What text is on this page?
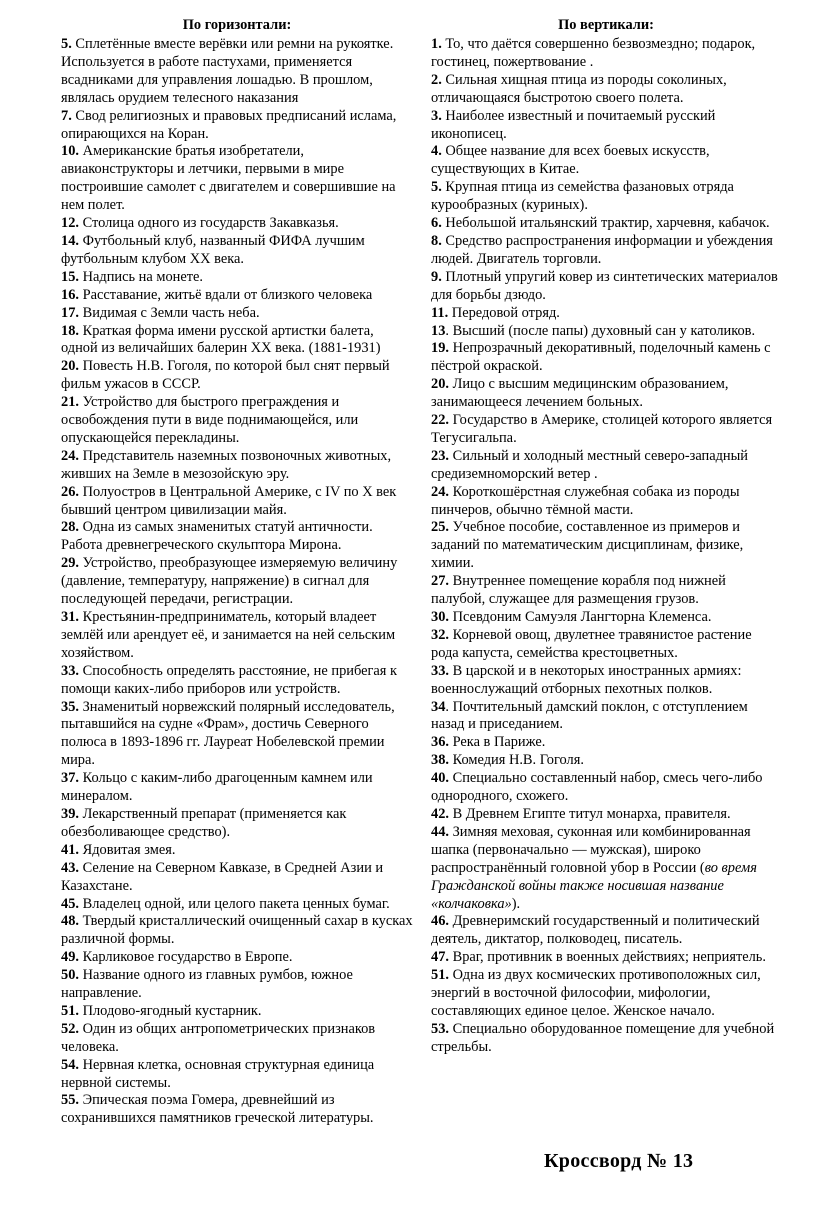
По горизонтали:

5. Сплетённые вместе верёвки или ремни на рукоятке. Используется в работе пастухами, применяется всадниками для управления лошадью. В прошлом, являлась орудием телесного наказания

7. Свод религиозных и правовых предписаний ислама, опирающихся на Коран.

10. Американские братья изобретатели, авиаконструкторы и летчики, первыми в мире построившие самолет с двигателем и совершившие на нем полет.

12. Столица одного из государств Закавказья.

14. Футбольный клуб, названный ФИФА лучшим футбольным клубом XX века.

15. Надпись на монете.

16. Расставание, житьё вдали от близкого человека

17. Видимая с Земли часть неба.

18. Краткая форма имени русской артистки балета, одной из величайших балерин XX века. (1881-1931)

20. Повесть Н.В. Гоголя, по которой был снят первый фильм ужасов в СССР.

21. Устройство для быстрого преграждения и освобождения пути в виде поднимающейся, или опускающейся перекладины.

24. Представитель наземных позвоночных животных, живших на Земле в мезозойскую эру.

26. Полуостров в Центральной Америке, с IV по X век бывший центром цивилизации майя.

28. Одна из самых знаменитых статуй античности. Работа древнегреческого скульптора Мирона.

29. Устройство, преобразующее измеряемую величину (давление, температуру, напряжение) в сигнал для последующей передачи, регистрации.

31. Крестьянин-предприниматель, который владеет землёй или арендует её, и занимается на ней сельским хозяйством.

33. Способность определять расстояние, не прибегая к помощи каких-либо приборов или устройств.

35. Знаменитый норвежский полярный исследователь, пытавшийся на судне «Фрам», достичь Северного полюса в 1893-1896 гг. Лауреат Нобелевской премии мира.

37. Кольцо с каким-либо драгоценным камнем или минералом.

39. Лекарственный препарат (применяется как обезболивающее средство).

41. Ядовитая змея.

43. Селение на Северном Кавказе, в Средней Азии и Казахстане.

45. Владелец одной, или целого пакета ценных бумаг.

48. Твердый кристаллический очищенный сахар в кусках различной формы.

49. Карликовое государство в Европе.

50. Название одного из главных румбов, южное направление.

51. Плодово-ягодный кустарник.

52. Один из общих антропометрических признаков человека.

54. Нервная клетка, основная структурная единица нервной системы.

55. Эпическая поэма Гомера, древнейший из сохранившихся памятников греческой литературы.

По вертикали:

1. То, что даётся совершенно безвозмездно; подарок, гостинец, пожертвование .

2. Сильная хищная птица из породы соколиных, отличающаяся быстротою своего полета.

3. Наиболее известный и почитаемый русский иконописец.

4. Общее название для всех боевых искусств, существующих в Китае.

5. Крупная птица из семейства фазановых отряда курообразных (куриных).

6. Небольшой итальянский трактир, харчевня, кабачок.

8. Средство распространения информации и убеждения людей. Двигатель торговли.

9. Плотный упругий ковер из синтетических материалов для борьбы дзюдо.

11. Передовой отряд.

13. Высший (после папы) духовный сан у католиков.

19. Непрозрачный декоративный, поделочный камень с пёстрой окраской.

20. Лицо с высшим медицинским образованием, занимающееся лечением больных.

22. Государство в Америке, столицей которого является Тегусигальпа.

23. Сильный и холодный местный северо-западный средиземноморский ветер .

24. Короткошёрстная служебная собака из породы пинчеров, обычно тёмной масти.

25. Учебное пособие, составленное из примеров и заданий по математическим дисциплинам, физике, химии.

27. Внутреннее помещение корабля под нижней палубой, служащее для размещения грузов.

30. Псевдоним Самуэля Лангторна Клеменса.

32. Корневой овощ, двулетнее травянистое растение рода капуста, семейства крестоцветных.

33. В царской и в некоторых иностранных армиях: военнослужащий отборных пехотных полков.

34. Почтительный дамский поклон, с отступлением назад и приседанием.

36. Река в Париже.

38. Комедия Н.В. Гоголя.

40. Специально составленный набор, смесь чего-либо однородного, схожего.

42. В Древнем Египте титул монарха, правителя.

44. Зимняя меховая, суконная или комбинированная шапка (первоначально — мужская), широко распространённый головной убор в России (во время Гражданской войны также носившая название «колчаковка»).

46. Древнеримский государственный и политический деятель, диктатор, полководец, писатель.

47. Враг, противник в военных действиях; неприятель.

51. Одна из двух космических противоположных сил, энергий в восточной философии, мифологии, составляющих единое целое. Женское начало.

53. Специально оборудованное помещение для учебной стрельбы.

Кроссворд № 13
